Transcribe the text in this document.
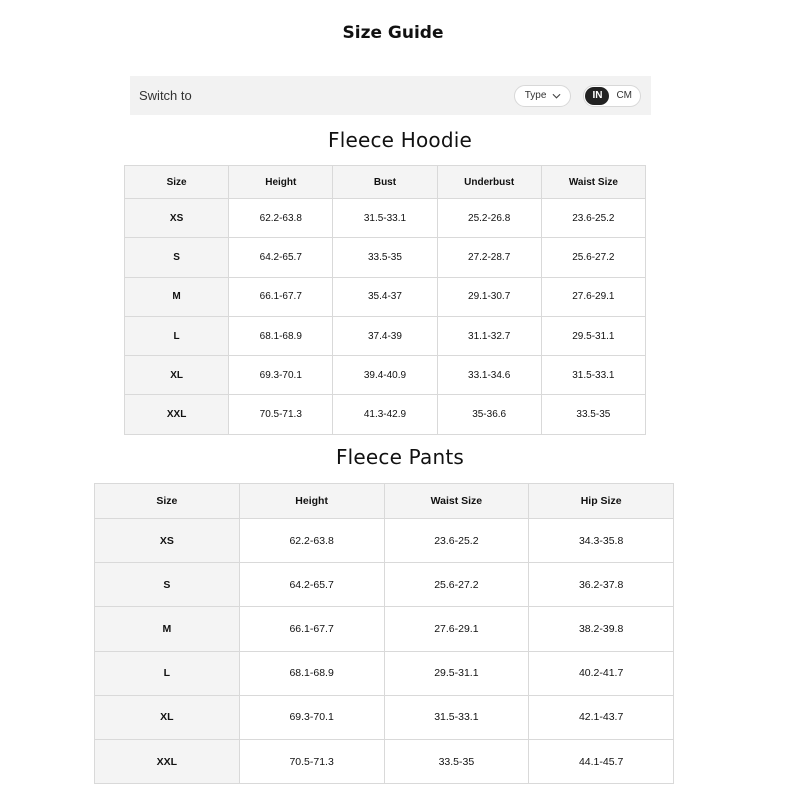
Size Guide
Switch to	Type	IN	CM
Fleece Hoodie
Size	Height	Bust	Underbust	Waist Size
XS	62.2-63.8	31.5-33.1	25.2-26.8	23.6-25.2
S	64.2-65.7	33.5-35	27.2-28.7	25.6-27.2
M	66.1-67.7	35.4-37	29.1-30.7	27.6-29.1
L	68.1-68.9	37.4-39	31.1-32.7	29.5-31.1
XL	69.3-70.1	39.4-40.9	33.1-34.6	31.5-33.1
XXL	70.5-71.3	41.3-42.9	35-36.6	33.5-35
Fleece Pants
Size	Height	Waist Size	Hip Size
XS	62.2-63.8	23.6-25.2	34.3-35.8
S	64.2-65.7	25.6-27.2	36.2-37.8
M	66.1-67.7	27.6-29.1	38.2-39.8
L	68.1-68.9	29.5-31.1	40.2-41.7
XL	69.3-70.1	31.5-33.1	42.1-43.7
XXL	70.5-71.3	33.5-35	44.1-45.7
